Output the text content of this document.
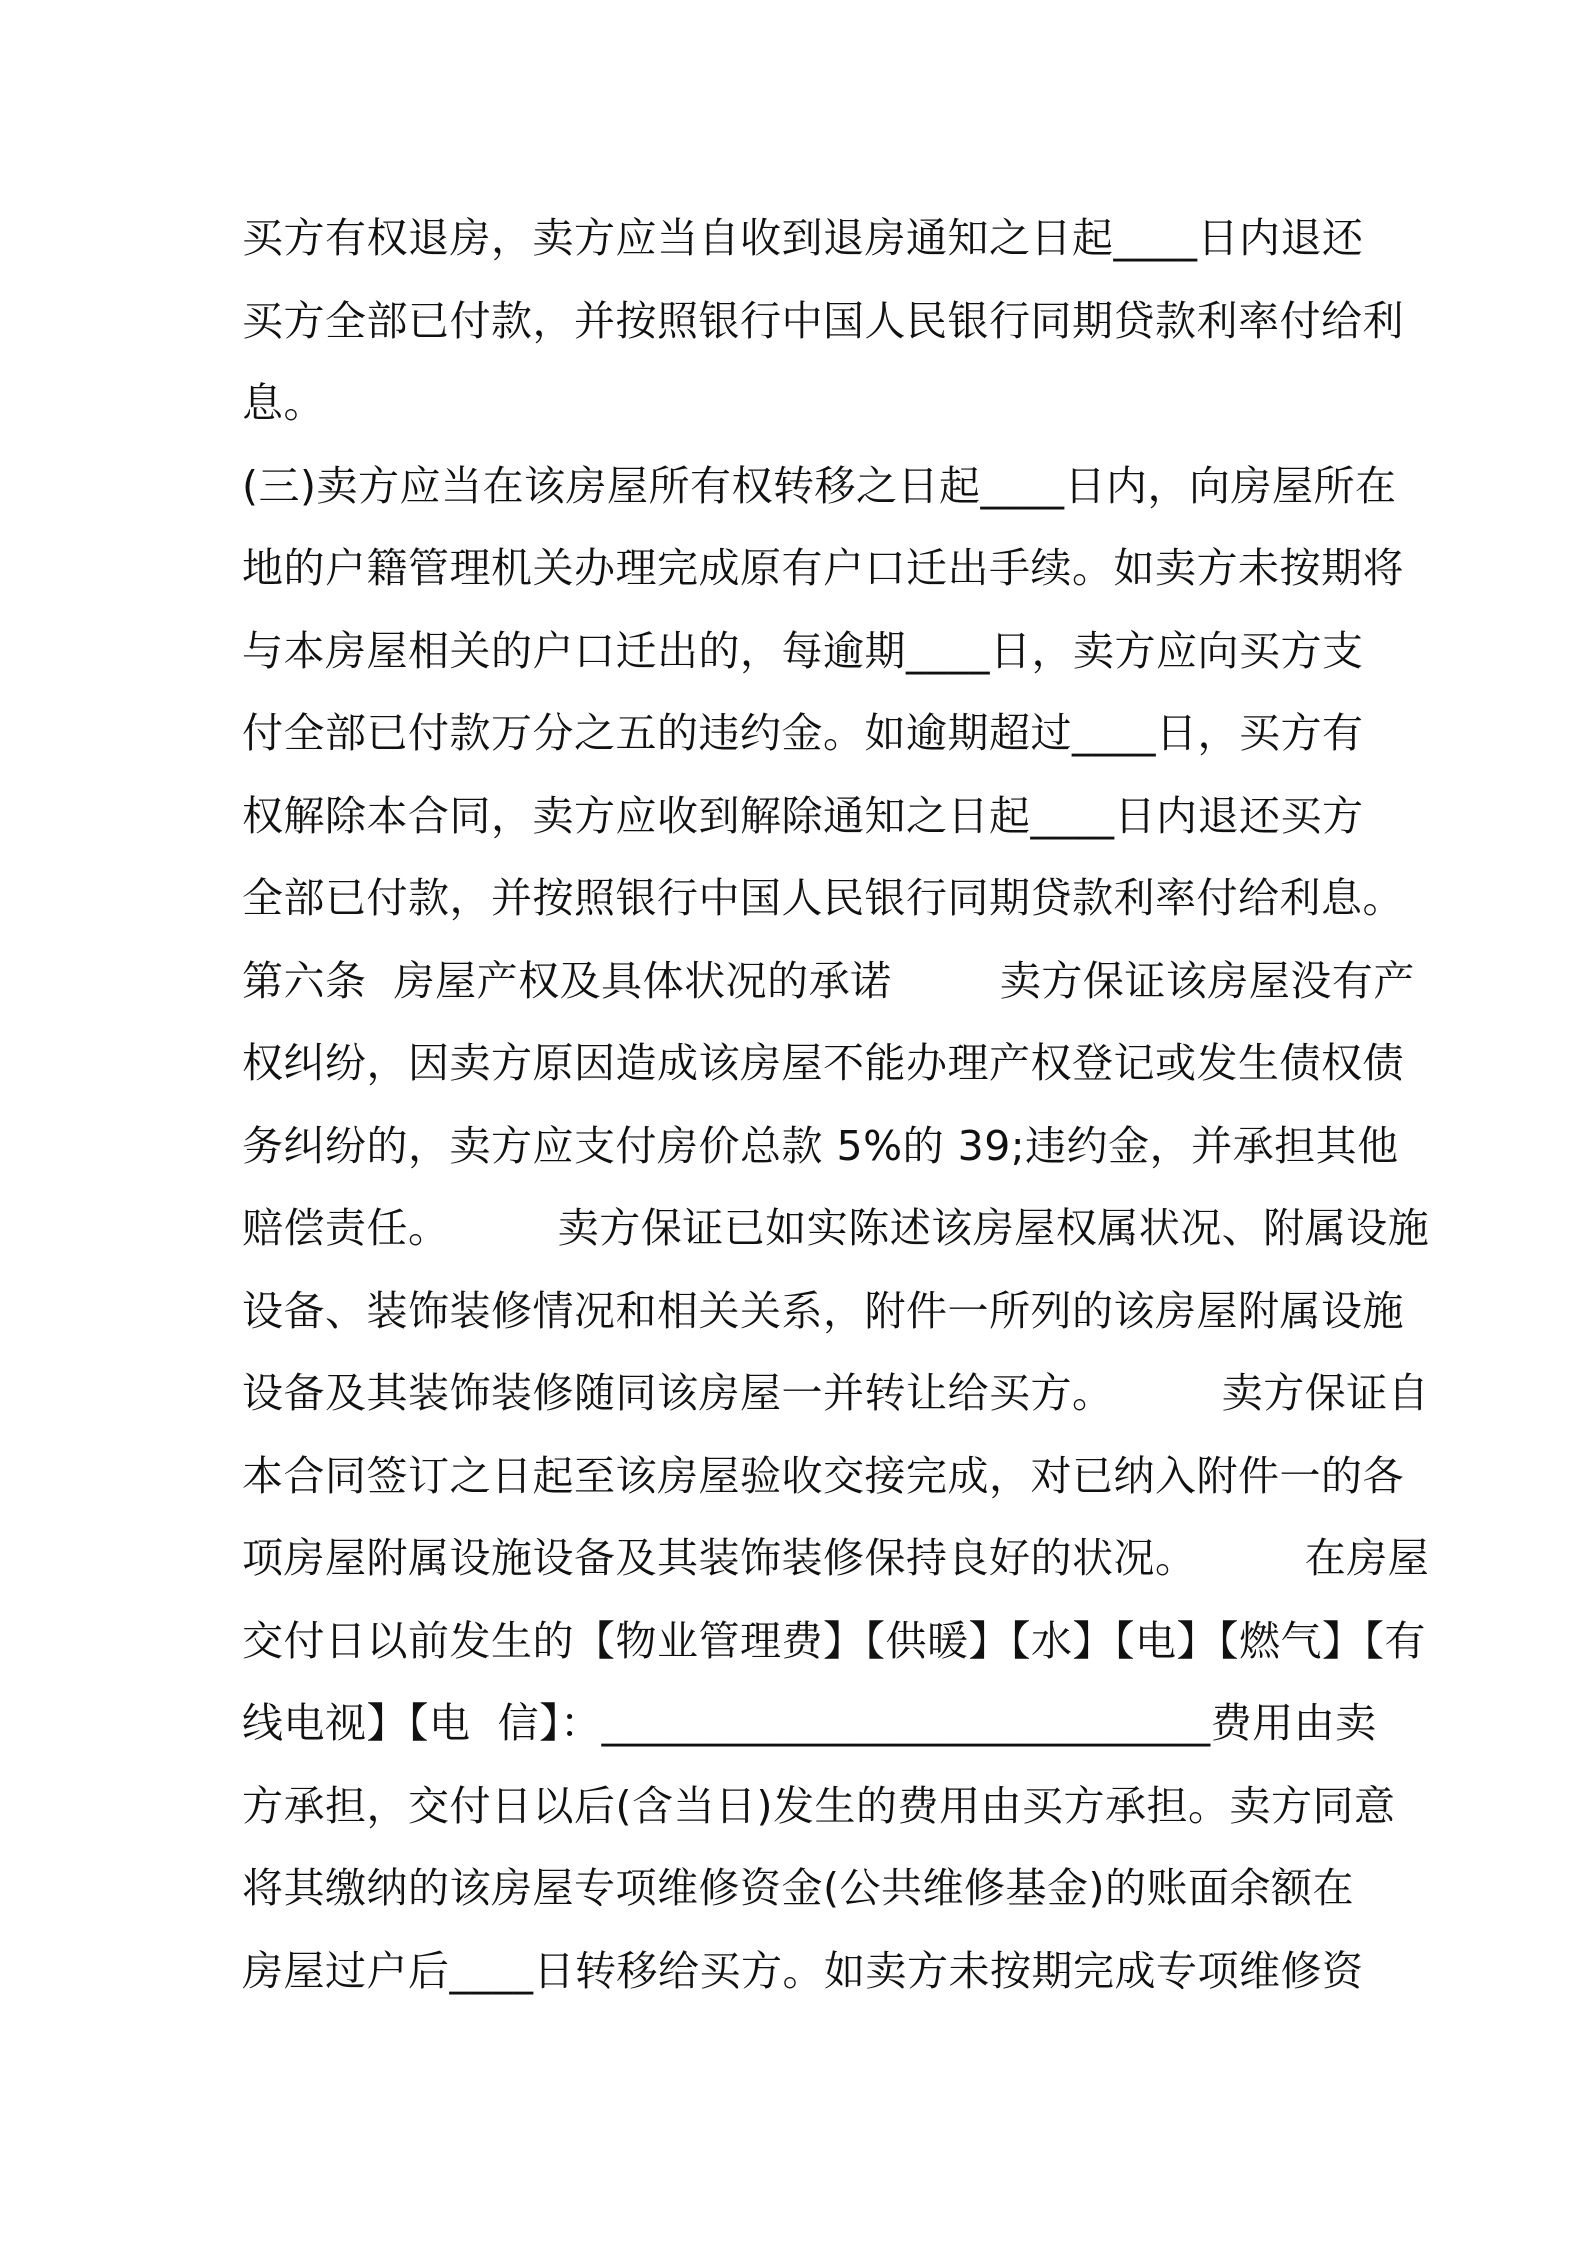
买方有权退房，卖方应当自收到退房通知之日起____日内退还
买方全部已付款，并按照银行中国人民银行同期贷款利率付给利
息。
(三)卖方应当在该房屋所有权转移之日起____日内，向房屋所在
地的户籍管理机关办理完成原有户口迁出手续。如卖方未按期将
与本房屋相关的户口迁出的，每逾期____日，卖方应向买方支
付全部已付款万分之五的违约金。如逾期超过____日，买方有
权解除本合同，卖方应收到解除通知之日起____日内退还买方
全部已付款，并按照银行中国人民银行同期贷款利率付给利息。
第六条  房屋产权及具体状况的承诺        卖方保证该房屋没有产
权纠纷，因卖方原因造成该房屋不能办理产权登记或发生债权债
务纠纷的，卖方应支付房价总款 5%的 39;违约金，并承担其他
赔偿责任。        卖方保证已如实陈述该房屋权属状况、附属设施
设备、装饰装修情况和相关关系，附件一所列的该房屋附属设施
设备及其装饰装修随同该房屋一并转让给买方。        卖方保证自
本合同签订之日起至该房屋验收交接完成，对已纳入附件一的各
项房屋附属设施设备及其装饰装修保持良好的状况。        在房屋
交付日以前发生的【物业管理费】【供暖】【水】【电】【燃气】【有
线电视】【电  信】：_____________________________费用由卖
方承担，交付日以后(含当日)发生的费用由买方承担。卖方同意
将其缴纳的该房屋专项维修资金(公共维修基金)的账面余额在
房屋过户后____日转移给买方。如卖方未按期完成专项维修资
